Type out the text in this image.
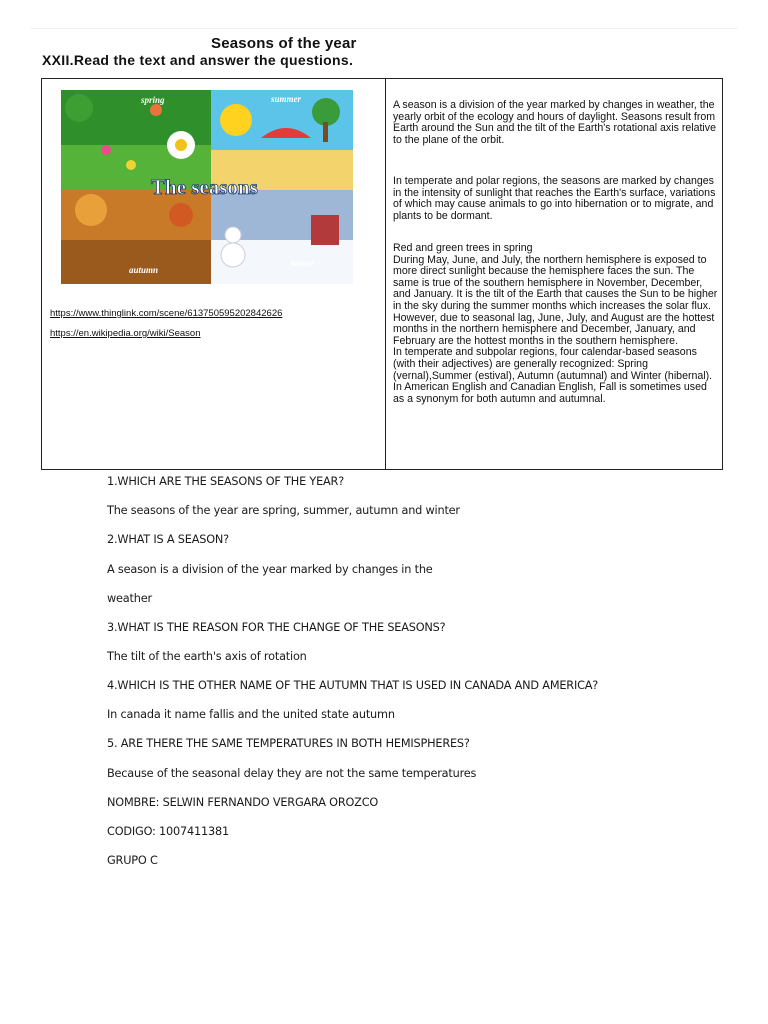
Seasons of the year
XXII.Read the text and answer the questions.
spring	summer
autumn
winter
The seasons
https://www.thinglink.com/scene/613750595202842626
https://en.wikipedia.org/wiki/Season
A season is a division of the year marked by changes in weather, the yearly orbit of the ecology and hours of daylight. Seasons result from Earth around the Sun and the tilt of the Earth's rotational axis relative to the plane of the orbit.
In temperate and polar regions, the seasons are marked by changes in the intensity of sunlight that reaches the Earth's surface, variations of which may cause animals to go into hibernation or to migrate, and plants to be dormant.
Red and green trees in spring
During May, June, and July, the northern hemisphere is exposed to more direct sunlight because the hemisphere faces the sun. The same is true of the southern hemisphere in November, December, and January. It is the tilt of the Earth that causes the Sun to be higher in the sky during the summer months which increases the solar flux. However, due to seasonal lag, June, July, and August are the hottest months in the northern hemisphere and December, January, and February are the hottest months in the southern hemisphere.
In temperate and subpolar regions, four calendar-based seasons (with their adjectives) are generally recognized: Spring (vernal),Summer (estival), Autumn (autumnal) and Winter (hibernal). In American English and Canadian English, Fall is sometimes used as a synonym for both autumn and autumnal.
1.WHICH ARE THE SEASONS OF THE YEAR?
The seasons of the year are spring, summer, autumn and winter
2.WHAT IS A SEASON?
A season is a division of the year marked by changes in the
weather
3.WHAT IS THE REASON FOR THE CHANGE OF THE SEASONS?
The tilt of the earth's axis of rotation
4.WHICH IS THE OTHER NAME OF THE AUTUMN THAT IS USED IN CANADA AND AMERICA?
In canada it name fallis and the united state autumn
5. ARE THERE THE SAME TEMPERATURES IN BOTH HEMISPHERES?
Because of the seasonal delay they are not the same temperatures
NOMBRE: SELWIN FERNANDO VERGARA OROZCO
CODIGO: 1007411381
GRUPO C
